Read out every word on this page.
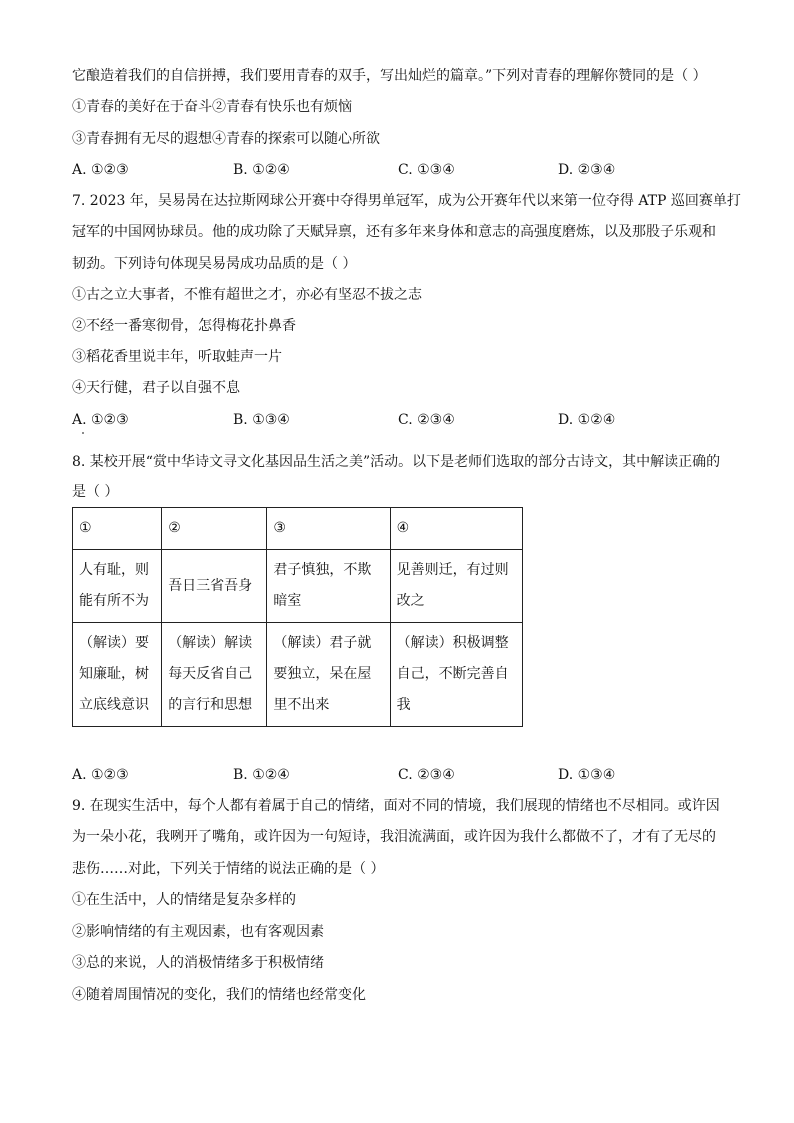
它酿造着我们的自信拼搏，我们要用青春的双手，写出灿烂的篇章。”下列对青春的理解你赞同的是（ ）
①青春的美好在于奋斗②青春有快乐也有烦恼
③青春拥有无尽的遐想④青春的探索可以随心所欲
A. ①②③	B. ①②④	C. ①③④	D. ②③④
7. 2023 年，吴易昺在达拉斯网球公开赛中夺得男单冠军，成为公开赛年代以来第一位夺得 ATP 巡回赛单打
冠军的中国网协球员。他的成功除了天赋异禀，还有多年来身体和意志的高强度磨炼，以及那股子乐观和
韧劲。下列诗句体现吴易昺成功品质的是（ ）
①古之立大事者，不惟有超世之才，亦必有坚忍不拔之志
②不经一番寒彻骨，怎得梅花扑鼻香
③稻花香里说丰年，听取蛙声一片
④天行健，君子以自强不息
A. ①②③	B. ①③④	C. ②③④	D. ①②④
8. 某校开展“赏中华诗文寻文化基因品生活之美”活动。以下是老师们选取的部分古诗文，其中解读正确的
是（ ）
①	②	③	④
人有耻，则能有所不为	吾日三省吾身	君子慎独，不欺暗室	见善则迁，有过则改之
（解读）要知廉耻，树立底线意识	（解读）解读每天反省自己的言行和思想	（解读）君子就要独立，呆在屋里不出来	（解读）积极调整自己，不断完善自我
A. ①②③	B. ①②④	C. ②③④	D. ①③④
9. 在现实生活中，每个人都有着属于自己的情绪，面对不同的情境，我们展现的情绪也不尽相同。或许因
为一朵小花，我咧开了嘴角，或许因为一句短诗，我泪流满面，或许因为我什么都做不了，才有了无尽的
悲伤……对此，下列关于情绪的说法正确的是（ ）
①在生活中，人的情绪是复杂多样的
②影响情绪的有主观因素，也有客观因素
③总的来说，人的消极情绪多于积极情绪
④随着周围情况的变化，我们的情绪也经常变化
